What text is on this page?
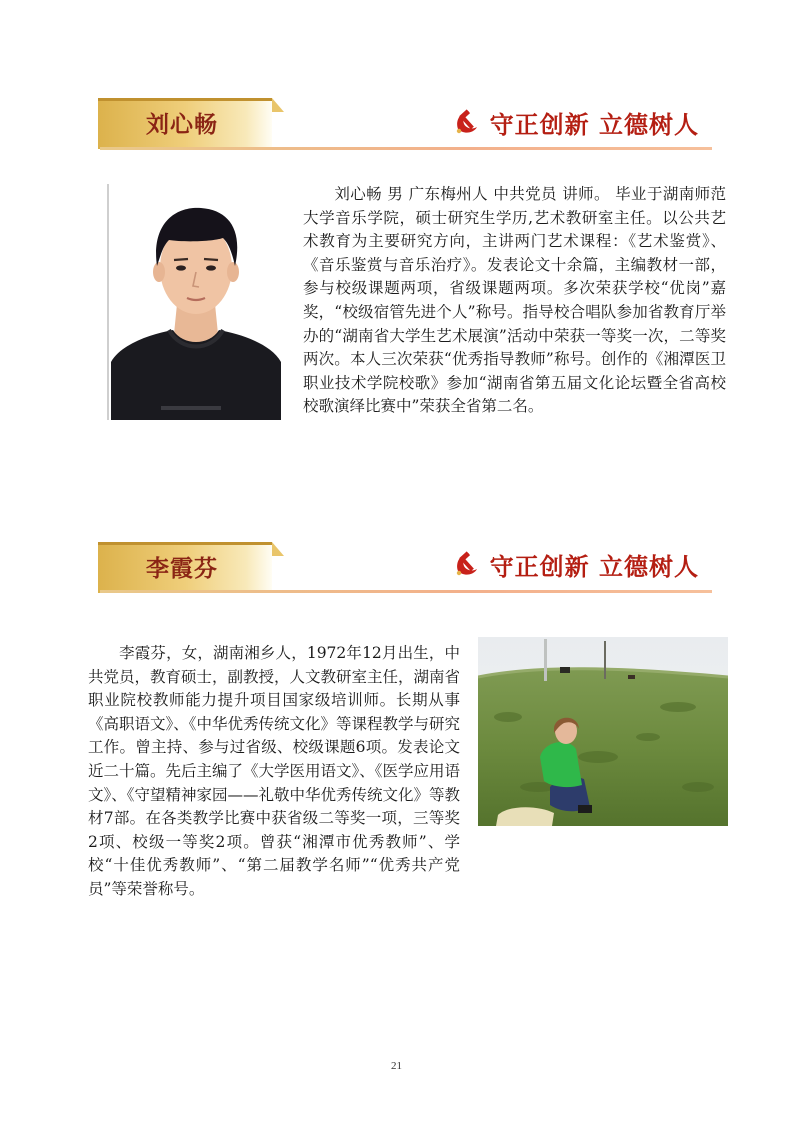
刘心畅	守正创新 立德树人

刘心畅 男 广东梅州人 中共党员 讲师。 毕业于湖南师范大学音乐学院，硕士研究生学历,艺术教研室主任。以公共艺术教育为主要研究方向，主讲两门艺术课程：《艺术鉴赏》、《音乐鉴赏与音乐治疗》。发表论文十余篇，主编教材一部，参与校级课题两项，省级课题两项。多次荣获学校“优岗”嘉奖，“校级宿管先进个人”称号。指导校合唱队参加省教育厅举办的“湖南省大学生艺术展演”活动中荣获一等奖一次，二等奖两次。本人三次荣获“优秀指导教师”称号。创作的《湘潭医卫职业技术学院校歌》参加“湖南省第五届文化论坛暨全省高校校歌演绎比赛中”荣获全省第二名。

李霞芬	守正创新 立德树人

李霞芬，女，湖南湘乡人，1972年12月出生，中共党员，教育硕士，副教授，人文教研室主任，湖南省职业院校教师能力提升项目国家级培训师。长期从事《高职语文》、《中华优秀传统文化》等课程教学与研究工作。曾主持、参与过省级、校级课题6项。发表论文近二十篇。先后主编了《大学医用语文》、《医学应用语文》、《守望精神家园——礼敬中华优秀传统文化》等教材7部。在各类教学比赛中获省级二等奖一项，三等奖2项、校级一等奖2项。曾获“湘潭市优秀教师”、学校“十佳优秀教师”、“第二届教学名师”“优秀共产党员”等荣誉称号。

21
